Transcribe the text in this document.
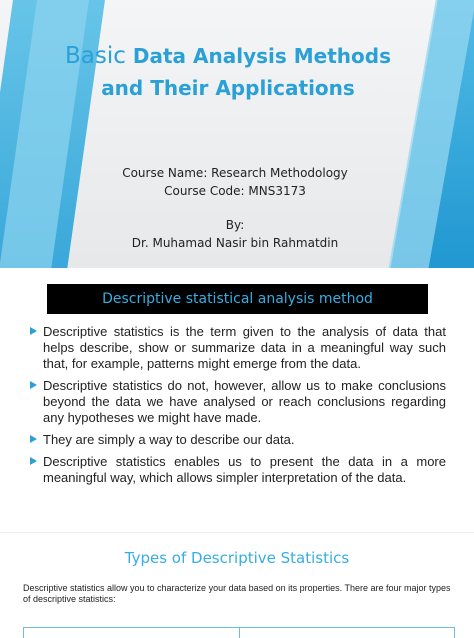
Basic Data Analysis Methods
and Their Applications
Course Name: Research Methodology
Course Code: MNS3173
By:
Dr. Muhamad Nasir bin Rahmatdin
Descriptive statistical analysis method
Descriptive statistics is the term given to the analysis of data that helps describe, show or summarize data in a meaningful way such that, for example, patterns might emerge from the data.
Descriptive statistics do not, however, allow us to make conclusions beyond the data we have analysed or reach conclusions regarding any hypotheses we might have made.
They are simply a way to describe our data.
Descriptive statistics enables us to present the data in a more meaningful way, which allows simpler interpretation of the data.
Types of Descriptive Statistics
Descriptive statistics allow you to characterize your data based on its properties. There are four major types of descriptive statistics:
